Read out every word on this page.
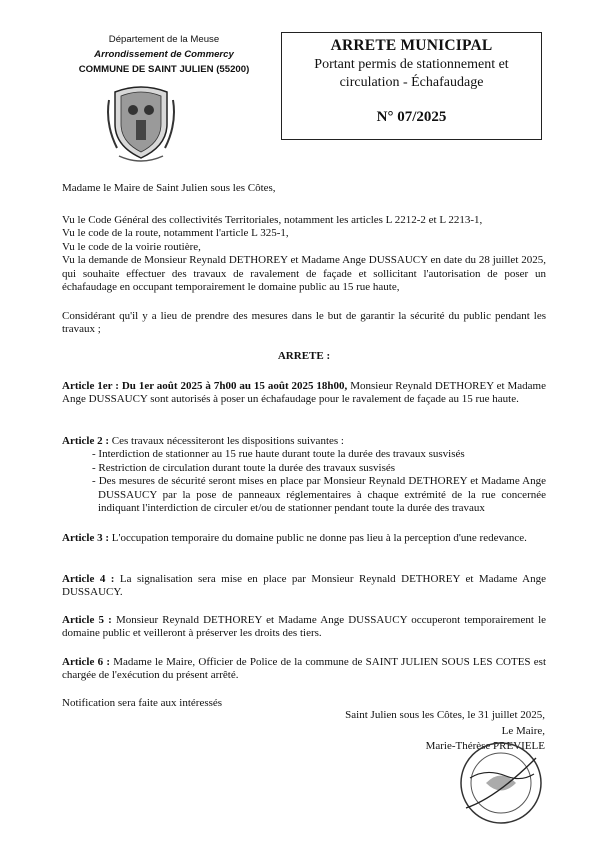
Département de la Meuse
Arrondissement de Commercy
COMMUNE DE SAINT JULIEN (55200)
ARRETE MUNICIPAL
Portant permis de stationnement et
circulation - Échafaudage
N° 07/2025
Madame le Maire de Saint Julien sous les Côtes,
Vu le Code Général des collectivités Territoriales, notamment les articles L 2212-2 et L 2213-1,
Vu le code de la route, notamment l'article L 325-1,
Vu le code de la voirie routière,
Vu la demande de Monsieur Reynald DETHOREY et Madame Ange DUSSAUCY en date du 28 juillet 2025, qui souhaite effectuer des travaux de ravalement de façade et sollicitant l'autorisation de poser un échafaudage en occupant temporairement le domaine public au 15 rue haute,
Considérant qu'il y a lieu de prendre des mesures dans le but de garantir la sécurité du public pendant les travaux ;
ARRETE :
Article 1er : Du 1er août 2025 à 7h00 au 15 août 2025 18h00, Monsieur Reynald DETHOREY et Madame Ange DUSSAUCY sont autorisés à poser un échafaudage pour le ravalement de façade au 15 rue haute.
Article 2 : Ces travaux nécessiteront les dispositions suivantes :
- Interdiction de stationner au 15 rue haute durant toute la durée des travaux susvisés
- Restriction de circulation durant toute la durée des travaux susvisés
- Des mesures de sécurité seront mises en place par Monsieur Reynald DETHOREY et Madame Ange DUSSAUCY par la pose de panneaux réglementaires à chaque extrémité de la rue concernée indiquant l'interdiction de circuler et/ou de stationner pendant toute la durée des travaux
Article 3 : L'occupation temporaire du domaine public ne donne pas lieu à la perception d'une redevance.
Article 4 : La signalisation sera mise en place par Monsieur Reynald DETHOREY et Madame Ange DUSSAUCY.
Article 5 : Monsieur Reynald DETHOREY et Madame Ange DUSSAUCY occuperont temporairement le domaine public et veilleront à préserver les droits des tiers.
Article 6 : Madame le Maire, Officier de Police de la commune de SAINT JULIEN SOUS LES COTES est chargée de l'exécution du présent arrêté.
Notification sera faite aux intéressés
Saint Julien sous les Côtes, le 31 juillet 2025,
Le Maire,
Marie-Thérèse PREVIELE
